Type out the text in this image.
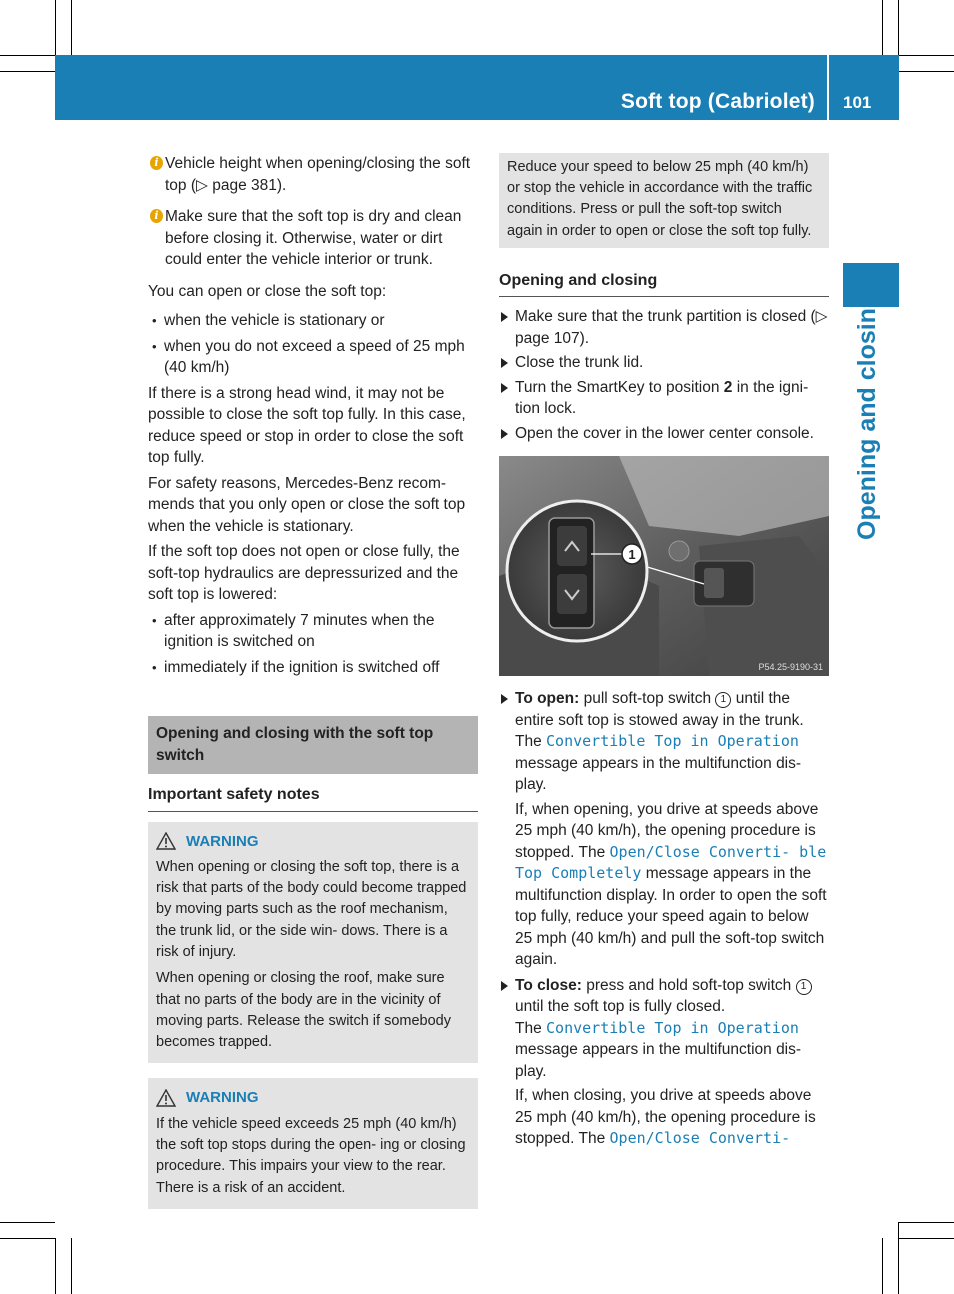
Soft top (Cabriolet) 101
Opening and closing
i Vehicle height when opening/closing the soft top (▷ page 381).
i Make sure that the soft top is dry and clean before closing it. Otherwise, water or dirt could enter the vehicle interior or trunk.

You can open or close the soft top:

• when the vehicle is stationary or
• when you do not exceed a speed of 25 mph (40 km/h)

If there is a strong head wind, it may not be possible to close the soft top fully. In this case, reduce speed or stop in order to close the soft top fully.

For safety reasons, Mercedes-Benz recom- mends that you only open or close the soft top when the vehicle is stationary.

If the soft top does not open or close fully, the soft-top hydraulics are depressurized and the soft top is lowered:

• after approximately 7 minutes when the ignition is switched on
• immediately if the ignition is switched off
Opening and closing with the soft top switch
Important safety notes
WARNING

When opening or closing the soft top, there is a risk that parts of the body could become trapped by moving parts such as the roof mechanism, the trunk lid, or the side win- dows. There is a risk of injury.

When opening or closing the roof, make sure that no parts of the body are in the vicinity of moving parts. Release the switch if somebody becomes trapped.

WARNING

If the vehicle speed exceeds 25 mph (40 km/h) the soft top stops during the open- ing or closing procedure. This impairs your view to the rear. There is a risk of an accident.

Reduce your speed to below 25 mph (40 km/h) or stop the vehicle in accordance with the traffic conditions. Press or pull the soft-top switch again in order to open or close the soft top fully.
Opening and closing
Make sure that the trunk partition is closed (▷ page 107).
Close the trunk lid.
Turn the SmartKey to position 2 in the igni- tion lock.
Open the cover in the lower center console.
1
P54.25-9190-31
To open: pull soft-top switch 1 until the entire soft top is stowed away in the trunk.
The Convertible Top in Operation message appears in the multifunction dis- play.
If, when opening, you drive at speeds above 25 mph (40 km/h), the opening procedure is stopped. The Open/Close Converti- ble Top Completely message appears in the multifunction display. In order to open the soft top fully, reduce your speed again to below 25 mph (40 km/h) and pull the soft-top switch again.
To close: press and hold soft-top switch 1 until the soft top is fully closed.
The Convertible Top in Operation message appears in the multifunction dis- play.
If, when closing, you drive at speeds above 25 mph (40 km/h), the opening procedure is stopped. The Open/Close Converti-
